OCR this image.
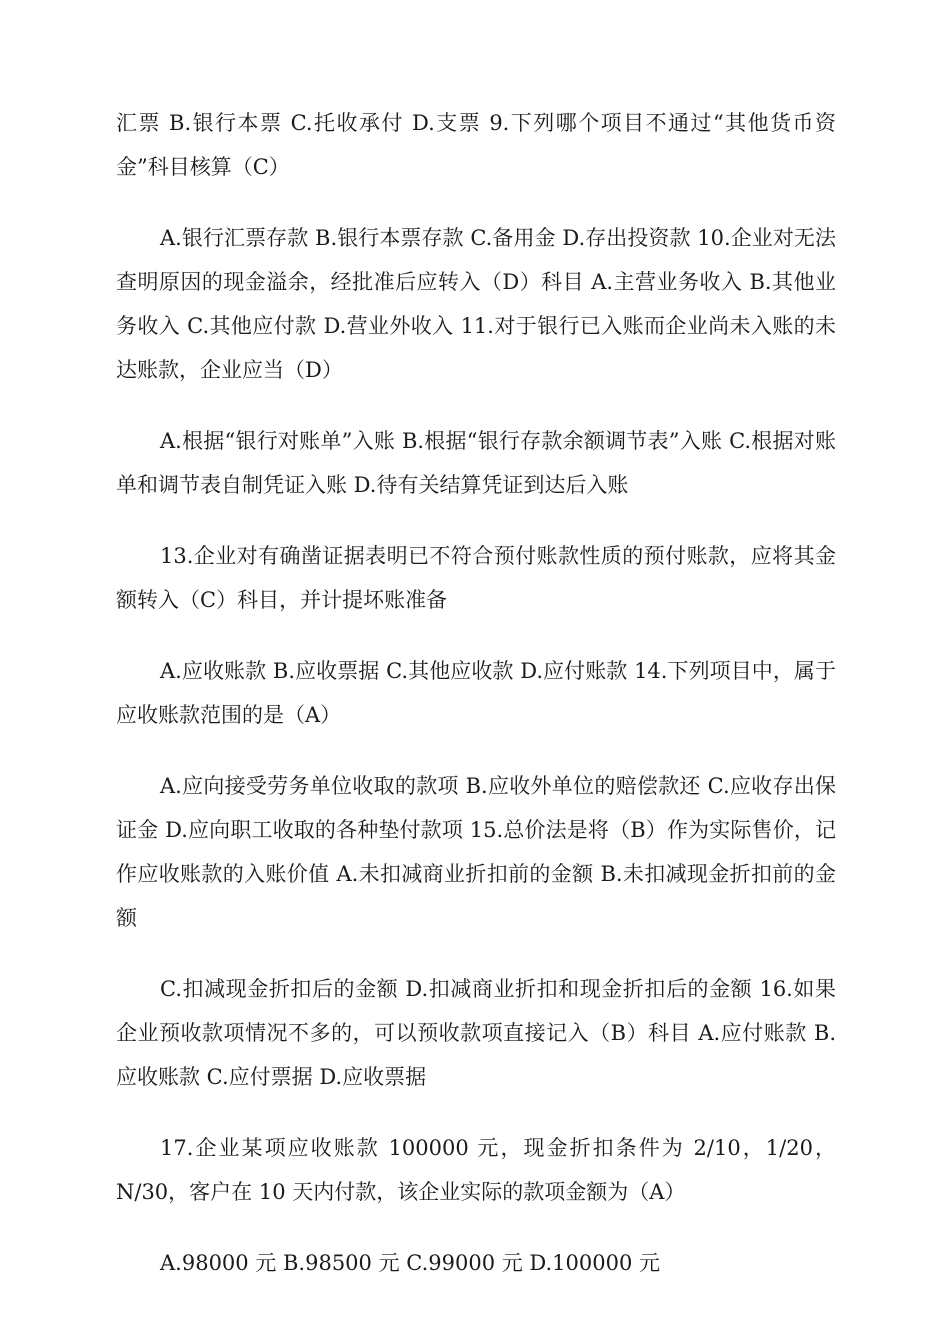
汇票 B.银行本票 C.托收承付 D.支票 9.下列哪个项目不通过“其他货币资金”科目核算（C）

A.银行汇票存款 B.银行本票存款 C.备用金 D.存出投资款 10.企业对无法查明原因的现金溢余，经批准后应转入（D）科目 A.主营业务收入 B.其他业务收入 C.其他应付款 D.营业外收入 11.对于银行已入账而企业尚未入账的未达账款，企业应当（D）

A.根据“银行对账单”入账 B.根据“银行存款余额调节表”入账 C.根据对账单和调节表自制凭证入账 D.待有关结算凭证到达后入账

13.企业对有确凿证据表明已不符合预付账款性质的预付账款，应将其金额转入（C）科目，并计提坏账准备

A.应收账款 B.应收票据 C.其他应收款 D.应付账款 14.下列项目中，属于应收账款范围的是（A）

A.应向接受劳务单位收取的款项 B.应收外单位的赔偿款还 C.应收存出保证金 D.应向职工收取的各种垫付款项 15.总价法是将（B）作为实际售价，记作应收账款的入账价值 A.未扣减商业折扣前的金额 B.未扣减现金折扣前的金额

C.扣减现金折扣后的金额 D.扣减商业折扣和现金折扣后的金额 16.如果企业预收款项情况不多的，可以预收款项直接记入（B）科目 A.应付账款 B.应收账款 C.应付票据 D.应收票据

17.企业某项应收账款 100000 元，现金折扣条件为 2/10，1/20，N/30，客户在 10 天内付款，该企业实际的款项金额为（A）

A.98000 元 B.98500 元 C.99000 元 D.100000 元
